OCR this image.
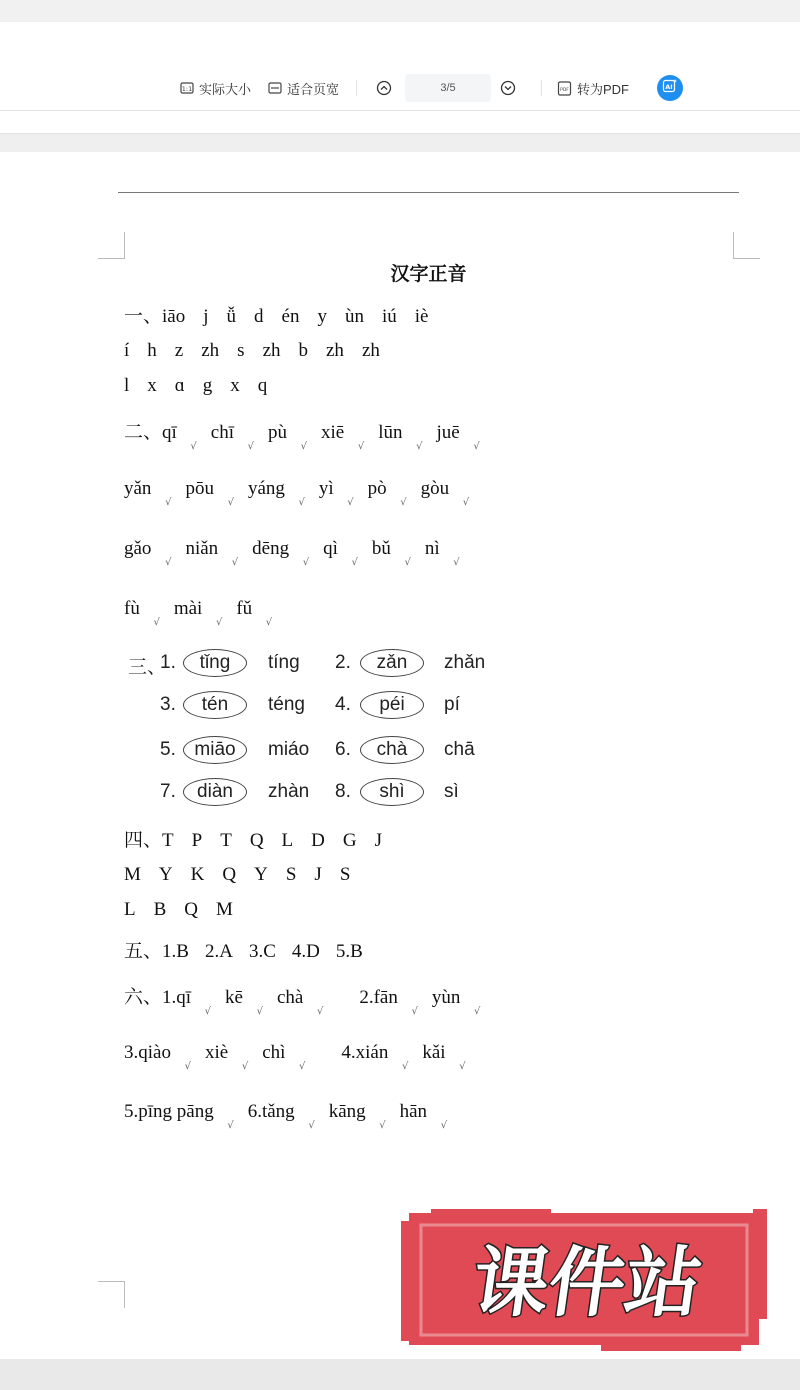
1:1 实际大小	适合页宽	3/5	PDF 转为PDF	AI
汉字正音
一、iāo j ǚ d én y ùn iú iè
í h z zh s zh b zh zh
l x ɑ g x q
二、qī
√
chī
√
pù
√
xiē
√
lūn
√
juē
√
yǎn
√
pōu
√
yáng
√
yì
√
pò
√
gòu
√
gǎo
√
niǎn
√
dēng
√
qì
√
bǔ
√
nì
√
fù
√
mài
√
fǔ
√
三、
1.	tǐng	tíng 2.	zǎn	zhǎn
3.	tén	téng 4.	péi	pí
5. miāo	miáo 6.	chà	chā
7.	diàn	zhàn 8.	shì	sì
四、T P T Q L D G J
M Y K Q Y S J S
L B Q M
五、1.B 2.A 3.C 4.D 5.B
六、1.qī
√
kē
√
chà
√
2.fān
√
yùn
√
3.qiào
√
xiè
√
chì
√
4.xián
√
kǎi
√
5.pīng pāng
√
6.tǎng
√
kāng
√
hān
√
课件站
